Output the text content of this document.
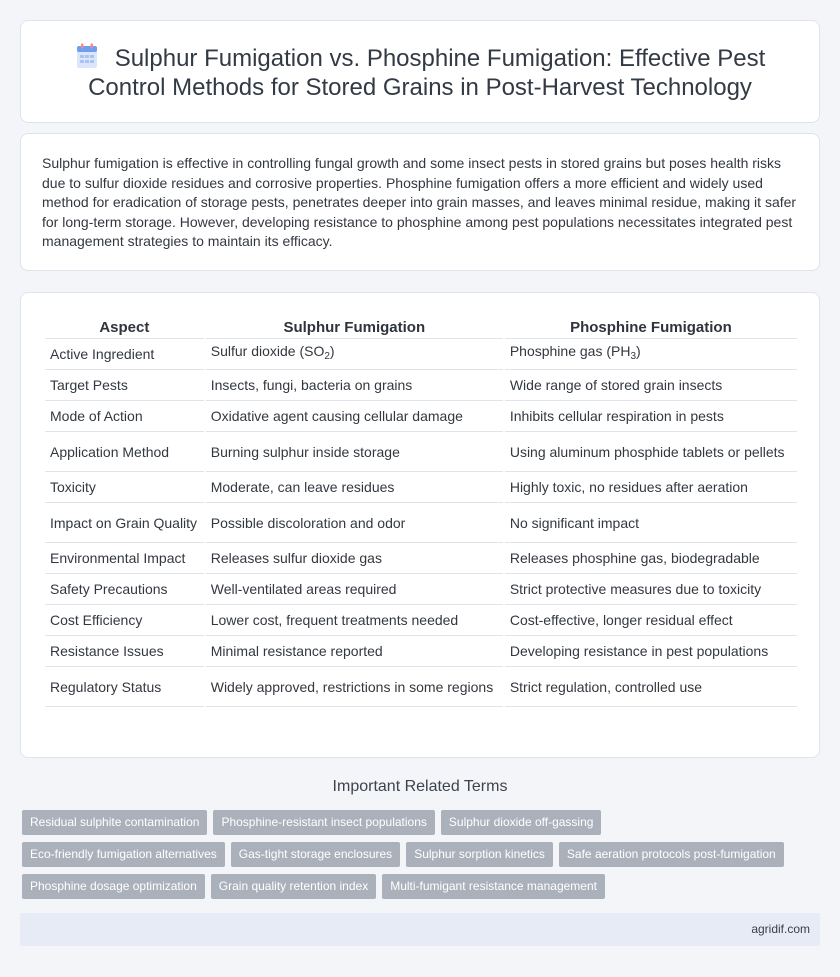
Sulphur Fumigation vs. Phosphine Fumigation: Effective Pest Control Methods for Stored Grains in Post-Harvest Technology

Sulphur fumigation is effective in controlling fungal growth and some insect pests in stored grains but poses health risks due to sulfur dioxide residues and corrosive properties. Phosphine fumigation offers a more efficient and widely used method for eradication of storage pests, penetrates deeper into grain masses, and leaves minimal residue, making it safer for long-term storage. However, developing resistance to phosphine among pest populations necessitates integrated pest management strategies to maintain its efficacy.

Aspect	Sulphur Fumigation	Phosphine Fumigation
Active Ingredient	Sulfur dioxide $(SO_2)$	Phosphine gas $(PH_3)$
Target Pests	Insects, fungi, bacteria on grains	Wide range of stored grain insects
Mode of Action	Oxidative agent causing cellular damage	Inhibits cellular respiration in pests
Application Method	Burning sulphur inside storage	Using aluminum phosphide tablets or pellets
Toxicity	Moderate, can leave residues	Highly toxic, no residues after aeration
Impact on Grain Quality	Possible discoloration and odor	No significant impact
Environmental Impact	Releases sulfur dioxide gas	Releases phosphine gas, biodegradable
Safety Precautions	Well-ventilated areas required	Strict protective measures due to toxicity
Cost Efficiency	Lower cost, frequent treatments needed	Cost-effective, longer residual effect
Resistance Issues	Minimal resistance reported	Developing resistance in pest populations
Regulatory Status	Widely approved, restrictions in some regions	Strict regulation, controlled use
Important Related Terms
Residual sulphite contamination	Phosphine-resistant insect populations	Sulphur dioxide off-gassing
Eco-friendly fumigation alternatives	Gas-tight storage enclosures	Sulphur sorption kinetics	Safe aeration protocols post-fumigation
Phosphine dosage optimization	Grain quality retention index	Multi-fumigant resistance management
agridif.com
